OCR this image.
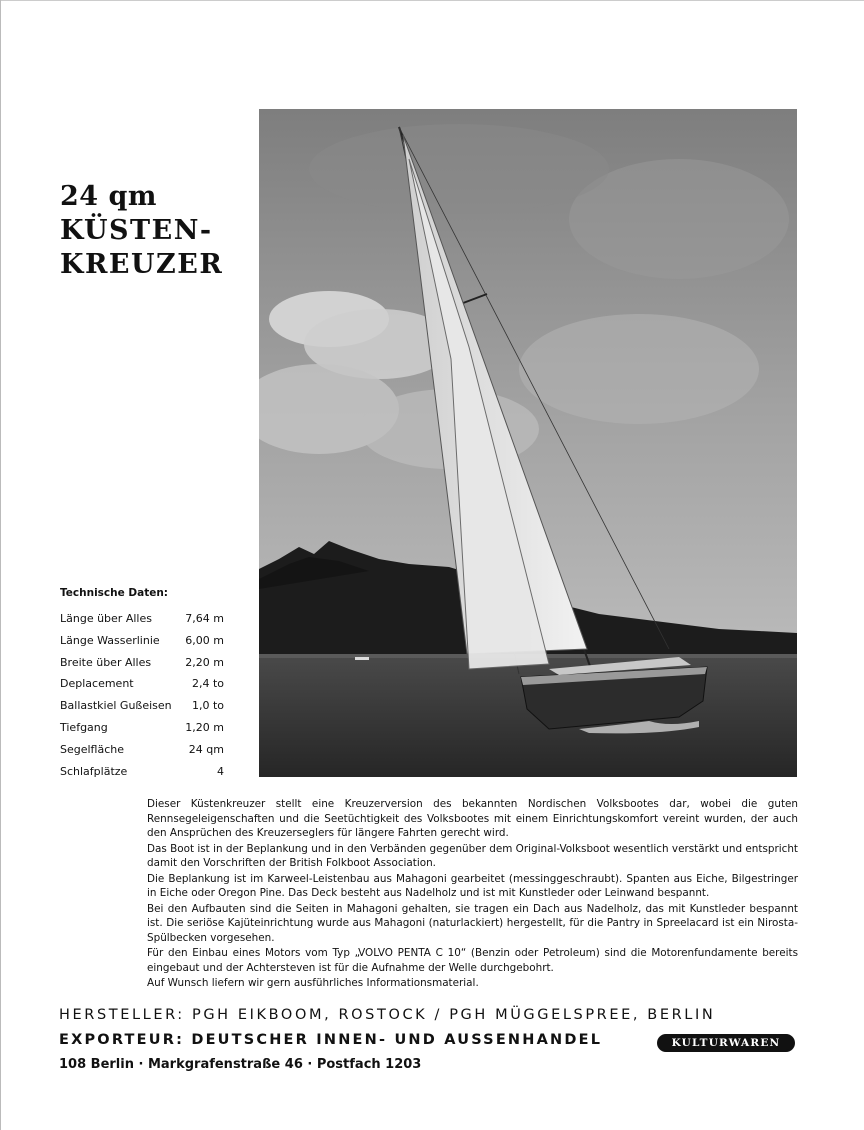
24 qm
KÜSTEN-
KREUZER
Technische Daten:
Länge über Alles	7,64 m
Länge Wasserlinie 6,00 m
Breite über Alles	2,20 m
Deplacement	2,4 to
Ballastkiel Gußeisen 1,0 to
Tiefgang	1,20 m
Segelfläche	24 qm
Schlafplätze	4

Dieser Küstenkreuzer stellt eine Kreuzerversion des bekannten Nordischen Volksbootes dar, wobei die guten Rennsegeleigenschaften und die Seetüchtigkeit des Volksbootes mit einem Einrichtungskomfort vereint wurden, der auch den Ansprüchen des Kreuzerseglers für längere Fahrten gerecht wird.

Das Boot ist in der Beplankung und in den Verbänden gegenüber dem Original-Volksboot wesentlich verstärkt und entspricht damit den Vorschriften der British Folkboot Association.

Die Beplankung ist im Karweel-Leistenbau aus Mahagoni gearbeitet (messinggeschraubt). Spanten aus Eiche, Bilgestringer in Eiche oder Oregon Pine. Das Deck besteht aus Nadelholz und ist mit Kunstleder oder Leinwand bespannt.

Bei den Aufbauten sind die Seiten in Mahagoni gehalten, sie tragen ein Dach aus Nadelholz, das mit Kunstleder bespannt ist. Die seriöse Kajüteinrichtung wurde aus Mahagoni (naturlackiert) hergestellt, für die Pantry in Spreelacard ist ein Nirosta-Spülbecken vorgesehen.

Für den Einbau eines Motors vom Typ „VOLVO PENTA C 10“ (Benzin oder Petroleum) sind die Motorenfundamente bereits eingebaut und der Achtersteven ist für die Aufnahme der Welle durchgebohrt.

Auf Wunsch liefern wir gern ausführliches Informationsmaterial.

HERSTELLER: PGH EIKBOOM, ROSTOCK / PGH MÜGGELSPREE, BERLIN
EXPORTEUR: DEUTSCHER INNEN- UND AUSSENHANDEL	KULTURWAREN
108 Berlin · Markgrafenstraße 46 · Postfach 1203
